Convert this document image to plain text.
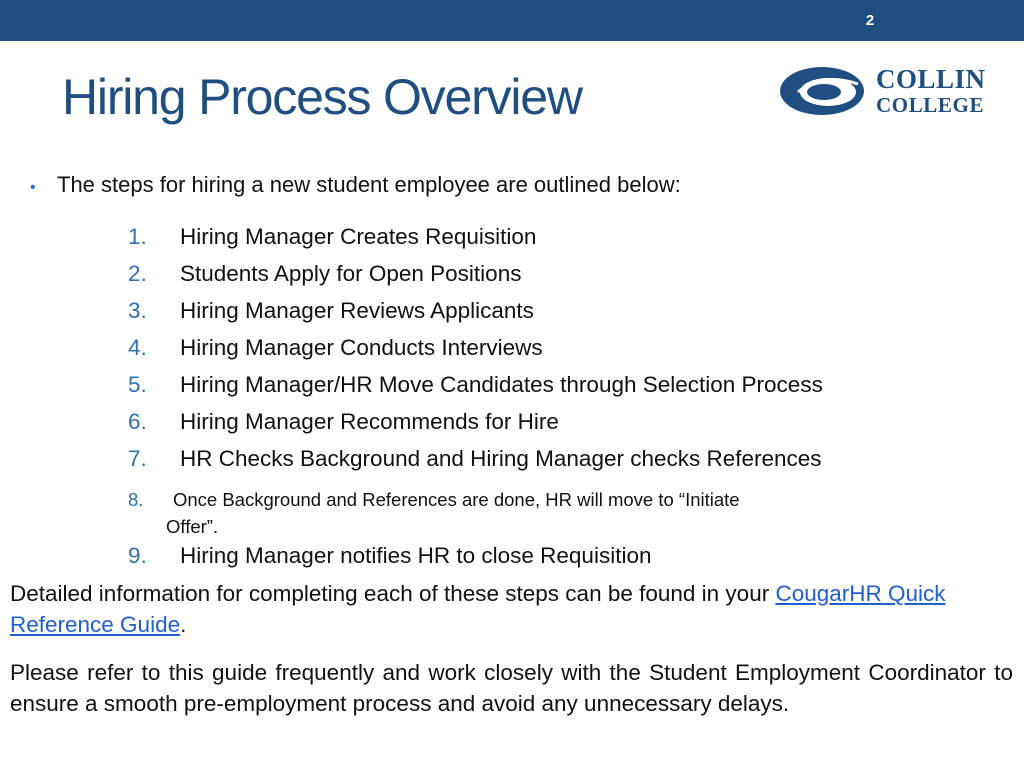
2
Hiring Process Overview	COLLIN
COLLEGE
• The steps for hiring a new student employee are outlined below:
1. Hiring Manager Creates Requisition
2. Students Apply for Open Positions
3. Hiring Manager Reviews Applicants
4. Hiring Manager Conducts Interviews
5. Hiring Manager/HR Move Candidates through Selection Process
6. Hiring Manager Recommends for Hire
7. HR Checks Background and Hiring Manager checks References
8. Once Background and References are done, HR will move to “Initiate
Offer”.
9. Hiring Manager notifies HR to close Requisition

Detailed information for completing each of these steps can be found in your CougarHR Quick Reference Guide.

Please refer to this guide frequently and work closely with the Student Employment Coordinator to ensure a smooth pre-employment process and avoid any unnecessary delays.
